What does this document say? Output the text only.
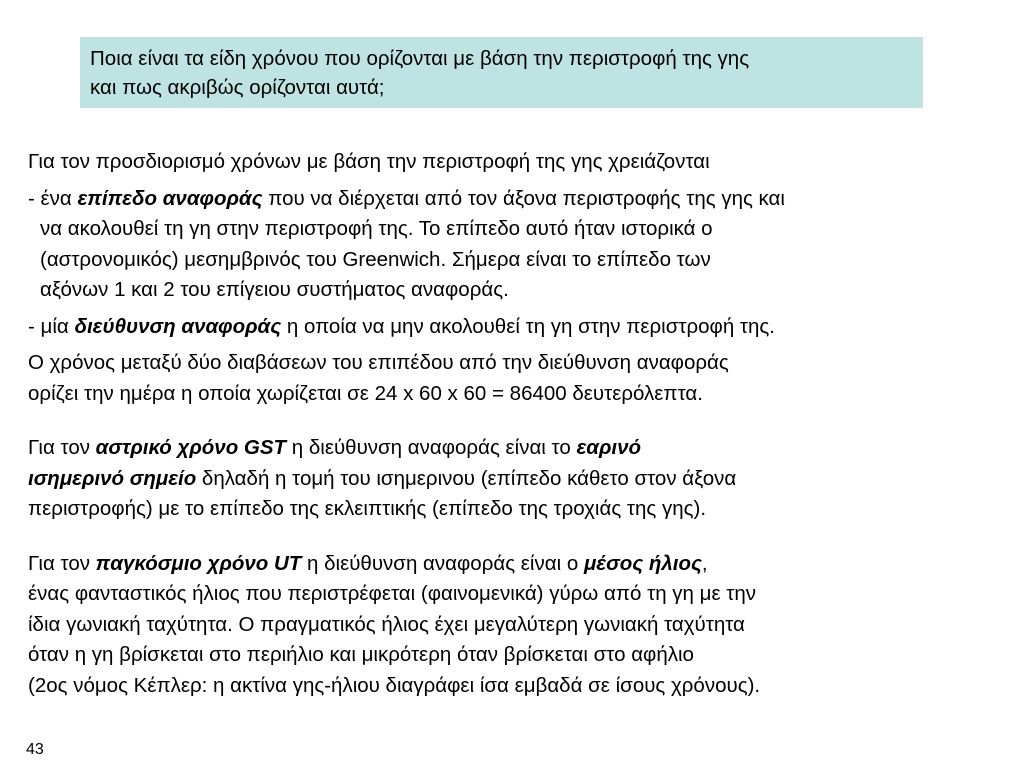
Ποια είναι τα είδη χρόνου που ορίζονται με βάση την περιστροφή της γης
και πως ακριβώς ορίζονται αυτά;
Για τον προσδιορισμό χρόνων με βάση την περιστροφή της γης χρειάζονται
- ένα επίπεδο αναφοράς που να διέρχεται από τον άξονα περιστροφής της γης και
να ακολουθεί τη γη στην περιστροφή της. Το επίπεδο αυτό ήταν ιστορικά ο
(αστρονομικός) μεσημβρινός του Greenwich. Σήμερα είναι το επίπεδο των
αξόνων 1 και 2 του επίγειου συστήματος αναφοράς.
- μία διεύθυνση αναφοράς η οποία να μην ακολουθεί τη γη στην περιστροφή της.
Ο χρόνος μεταξύ δύο διαβάσεων του επιπέδου από την διεύθυνση αναφοράς
ορίζει την ημέρα η οποία χωρίζεται σε 24 x 60 x 60 = 86400 δευτερόλεπτα.
Για τον αστρικό χρόνο GST η διεύθυνση αναφοράς είναι το εαρινό
ισημερινό σημείο δηλαδή η τομή του ισημερινου (επίπεδο κάθετο στον άξονα
περιστροφής) με το επίπεδο της εκλειπτικής (επίπεδο της τροχιάς της γης).
Για τον παγκόσμιο χρόνο UT η διεύθυνση αναφοράς είναι ο μέσος ήλιος,
ένας φανταστικός ήλιος που περιστρέφεται (φαινομενικά) γύρω από τη γη με την
ίδια γωνιακή ταχύτητα. Ο πραγματικός ήλιος έχει μεγαλύτερη γωνιακή ταχύτητα
όταν η γη βρίσκεται στο περιήλιο και μικρότερη όταν βρίσκεται στο αφήλιο
(2ος νόμος Κέπλερ: η ακτίνα γης-ήλιου διαγράφει ίσα εμβαδά σε ίσους χρόνους).
43
